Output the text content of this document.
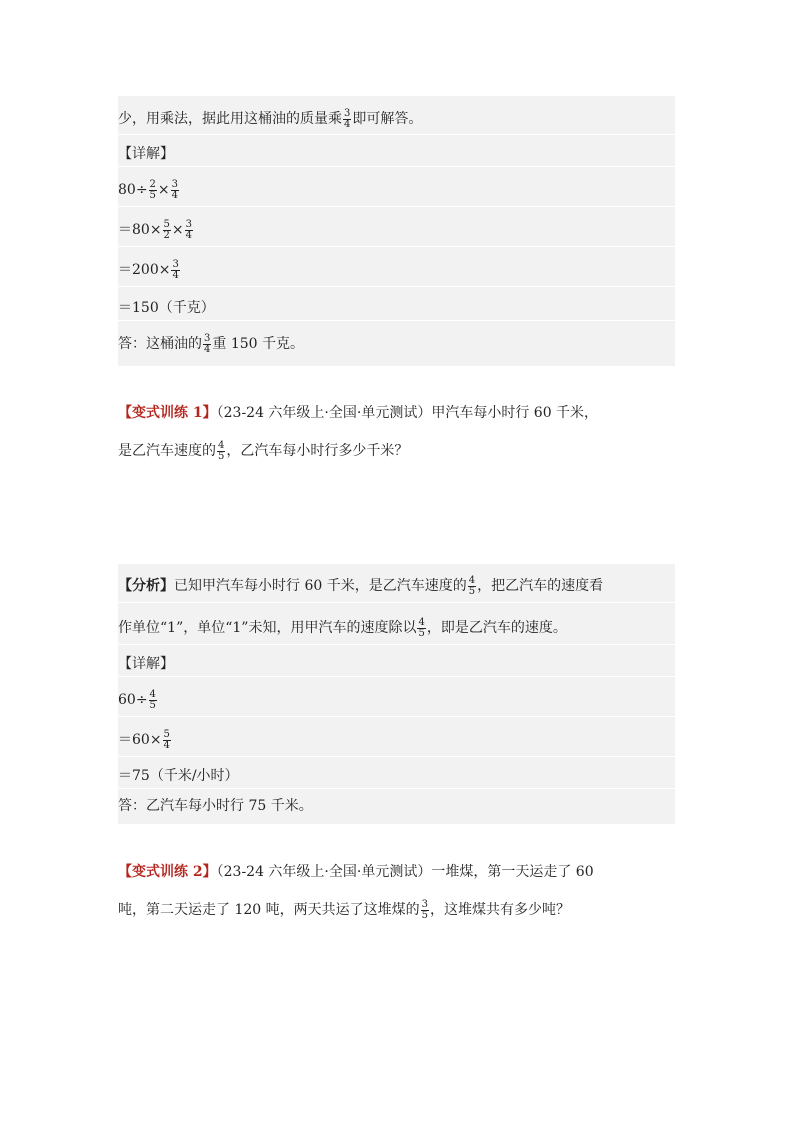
少，用乘法，据此用这桶油的质量乘 $\frac{3}{4}$ 即可解答。
【详解】
$80\div \frac{2}{5} \times \frac{3}{4}$
$=80\times \frac{5}{2} \times \frac{3}{4}$
$=200\times \frac{3}{4}$
＝150（千克）
答：这桶油的 $\frac{3}{4}$ 重 150 千克。
【变式训练 1】（23-24 六年级上·全国·单元测试）甲汽车每小时行 60 千米，
是乙汽车速度的 $\frac{4}{5}$ ，乙汽车每小时行多少千米？
【分析】已知甲汽车每小时行 60 千米，是乙汽车速度的 $\frac{4}{5}$ ，把乙汽车的速度看
作单位“1”，单位“1”未知，用甲汽车的速度除以 $\frac{4}{5}$ ，即是乙汽车的速度。
【详解】
$60\div \frac{4}{5}$
$=60\times \frac{5}{4}$
＝75（千米/小时）
答：乙汽车每小时行 75 千米。
【变式训练 2】（23-24 六年级上·全国·单元测试）一堆煤，第一天运走了 60
吨，第二天运走了 120 吨，两天共运了这堆煤的 $\frac{3}{5}$ ，这堆煤共有多少吨？
